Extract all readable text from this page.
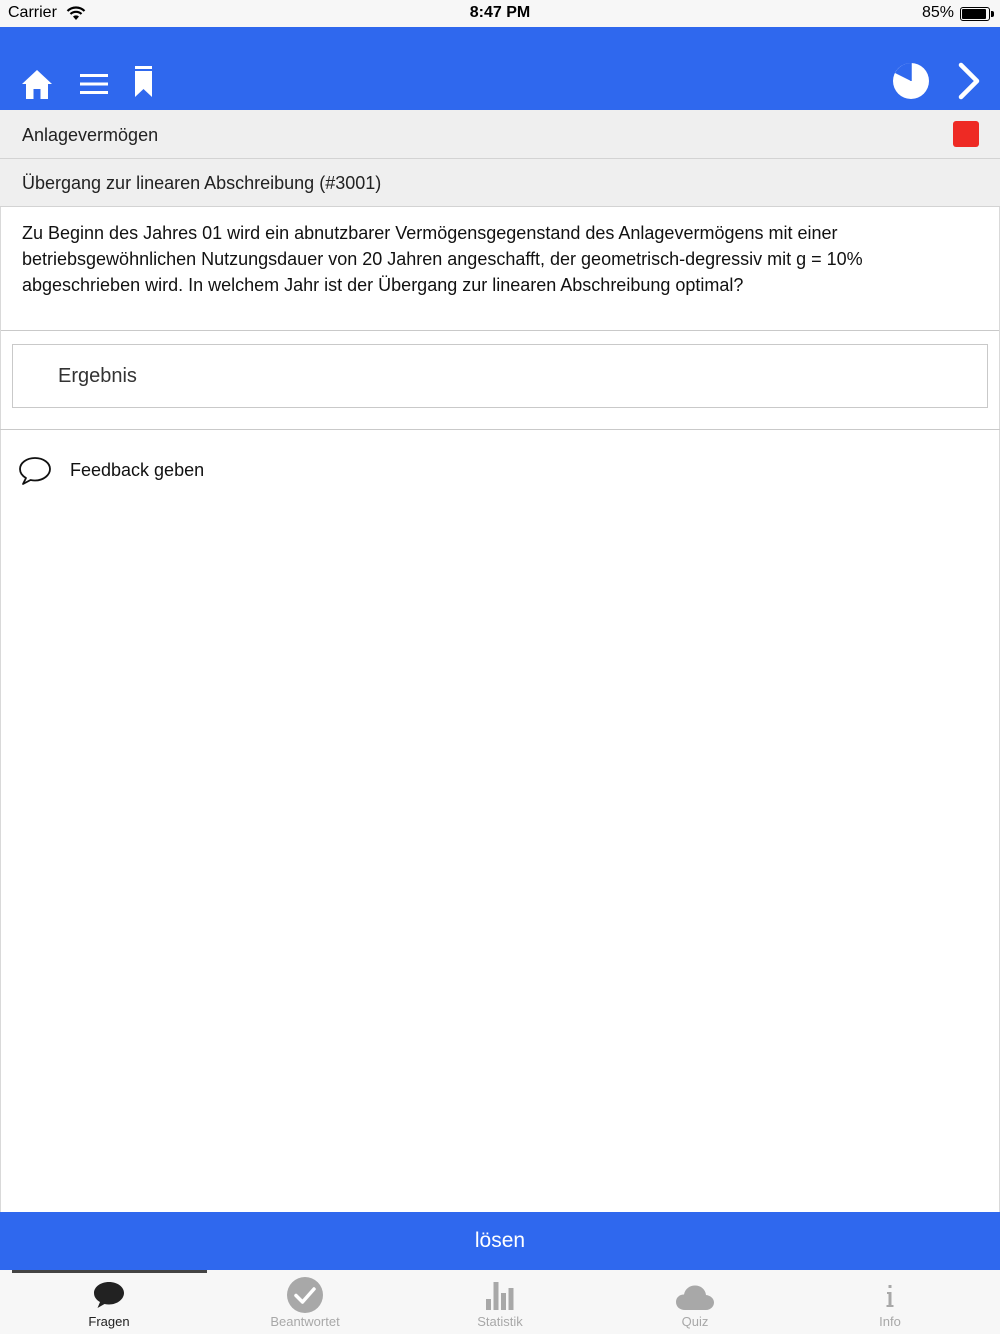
Carrier	8:47 PM	85%
Anlagevermögen
Übergang zur linearen Abschreibung (#3001)
Zu Beginn des Jahres 01 wird ein abnutzbarer Vermögensgegenstand des Anlagevermögens mit einer betriebsgewöhnlichen Nutzungsdauer von 20 Jahren angeschafft, der geometrisch-degressiv mit g = 10% abgeschrieben wird. In welchem Jahr ist der Übergang zur linearen Abschreibung optimal?
Ergebnis
Feedback geben
lösen
Fragen	Beantwortet	Statistik	Quiz	Info
